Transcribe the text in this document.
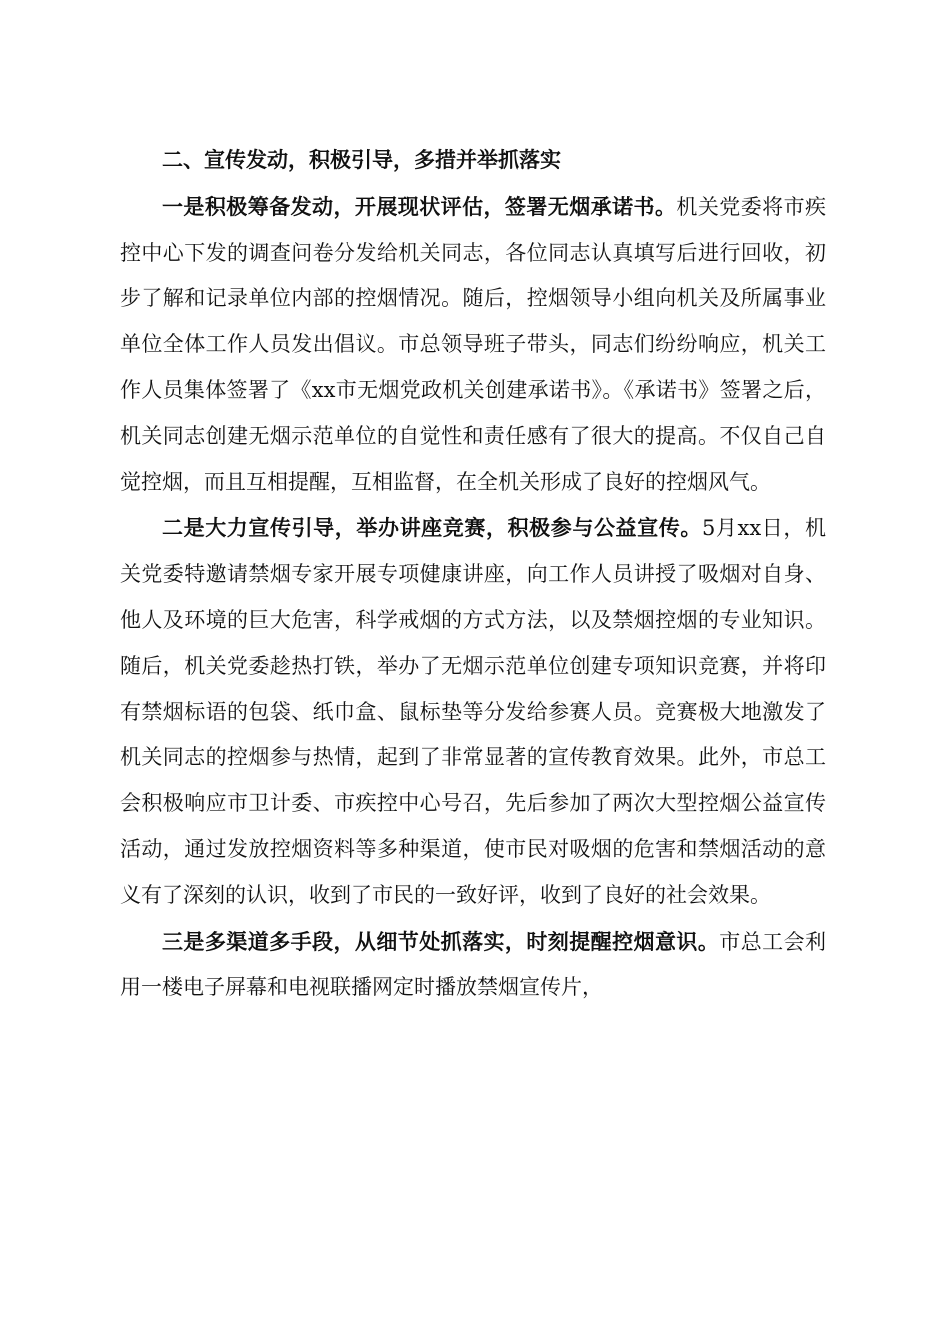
二、宣传发动，积极引导，多措并举抓落实

一是积极筹备发动，开展现状评估，签署无烟承诺书。机关党委将市疾控中心下发的调查问卷分发给机关同志，各位同志认真填写后进行回收，初步了解和记录单位内部的控烟情况。随后，控烟领导小组向机关及所属事业单位全体工作人员发出倡议。市总领导班子带头，同志们纷纷响应，机关工作人员集体签署了《xx市无烟党政机关创建承诺书》。《承诺书》签署之后，机关同志创建无烟示范单位的自觉性和责任感有了很大的提高。不仅自己自觉控烟，而且互相提醒，互相监督，在全机关形成了良好的控烟风气。

二是大力宣传引导，举办讲座竞赛，积极参与公益宣传。5月xx日，机关党委特邀请禁烟专家开展专项健康讲座，向工作人员讲授了吸烟对自身、他人及环境的巨大危害，科学戒烟的方式方法，以及禁烟控烟的专业知识。随后，机关党委趁热打铁，举办了无烟示范单位创建专项知识竞赛，并将印有禁烟标语的包袋、纸巾盒、鼠标垫等分发给参赛人员。竞赛极大地激发了机关同志的控烟参与热情，起到了非常显著的宣传教育效果。此外，市总工会积极响应市卫计委、市疾控中心号召，先后参加了两次大型控烟公益宣传活动，通过发放控烟资料等多种渠道，使市民对吸烟的危害和禁烟活动的意义有了深刻的认识，收到了市民的一致好评，收到了良好的社会效果。

三是多渠道多手段，从细节处抓落实，时刻提醒控烟意识。市总工会利用一楼电子屏幕和电视联播网定时播放禁烟宣传片，
